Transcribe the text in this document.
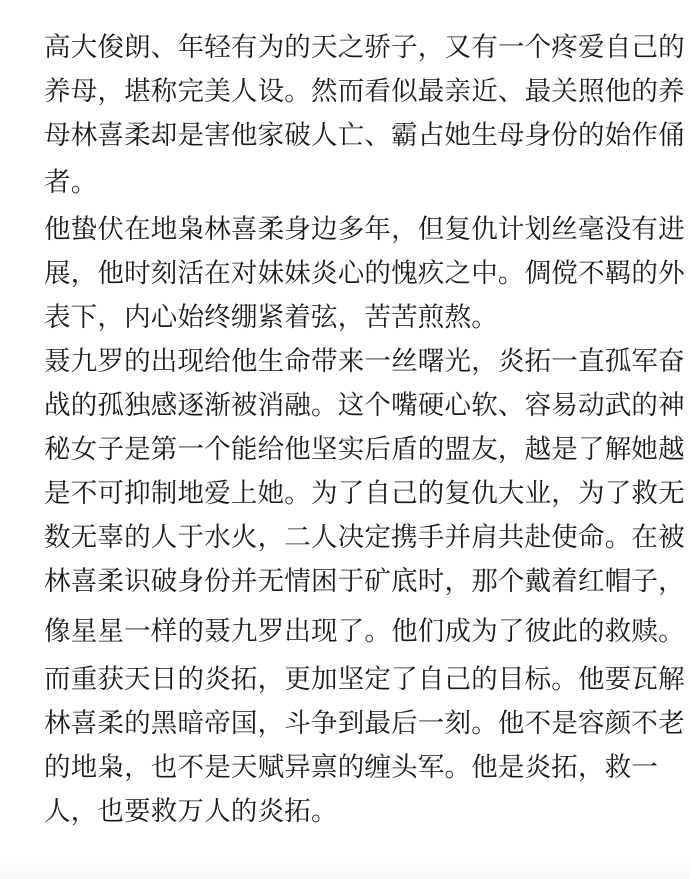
高大俊朗、年轻有为的天之骄子，又有一个疼爱自己的
养母，堪称完美人设。然而看似最亲近、最关照他的养
母林喜柔却是害他家破人亡、霸占她生母身份的始作俑
者。

他蛰伏在地枭林喜柔身边多年，但复仇计划丝毫没有进
展，他时刻活在对妹妹炎心的愧疚之中。倜傥不羁的外
表下，内心始终绷紧着弦，苦苦煎熬。

聂九罗的出现给他生命带来一丝曙光，炎拓一直孤军奋
战的孤独感逐渐被消融。这个嘴硬心软、容易动武的神
秘女子是第一个能给他坚实后盾的盟友，越是了解她越
是不可抑制地爱上她。为了自己的复仇大业，为了救无
数无辜的人于水火，二人决定携手并肩共赴使命。在被
林喜柔识破身份并无情困于矿底时，那个戴着红帽子，
像星星一样的聂九罗出现了。他们成为了彼此的救赎。
而重获天日的炎拓，更加坚定了自己的目标。他要瓦解
林喜柔的黑暗帝国，斗争到最后一刻。他不是容颜不老
的地枭，也不是天赋异禀的缠头军。他是炎拓，救一
人，也要救万人的炎拓。
